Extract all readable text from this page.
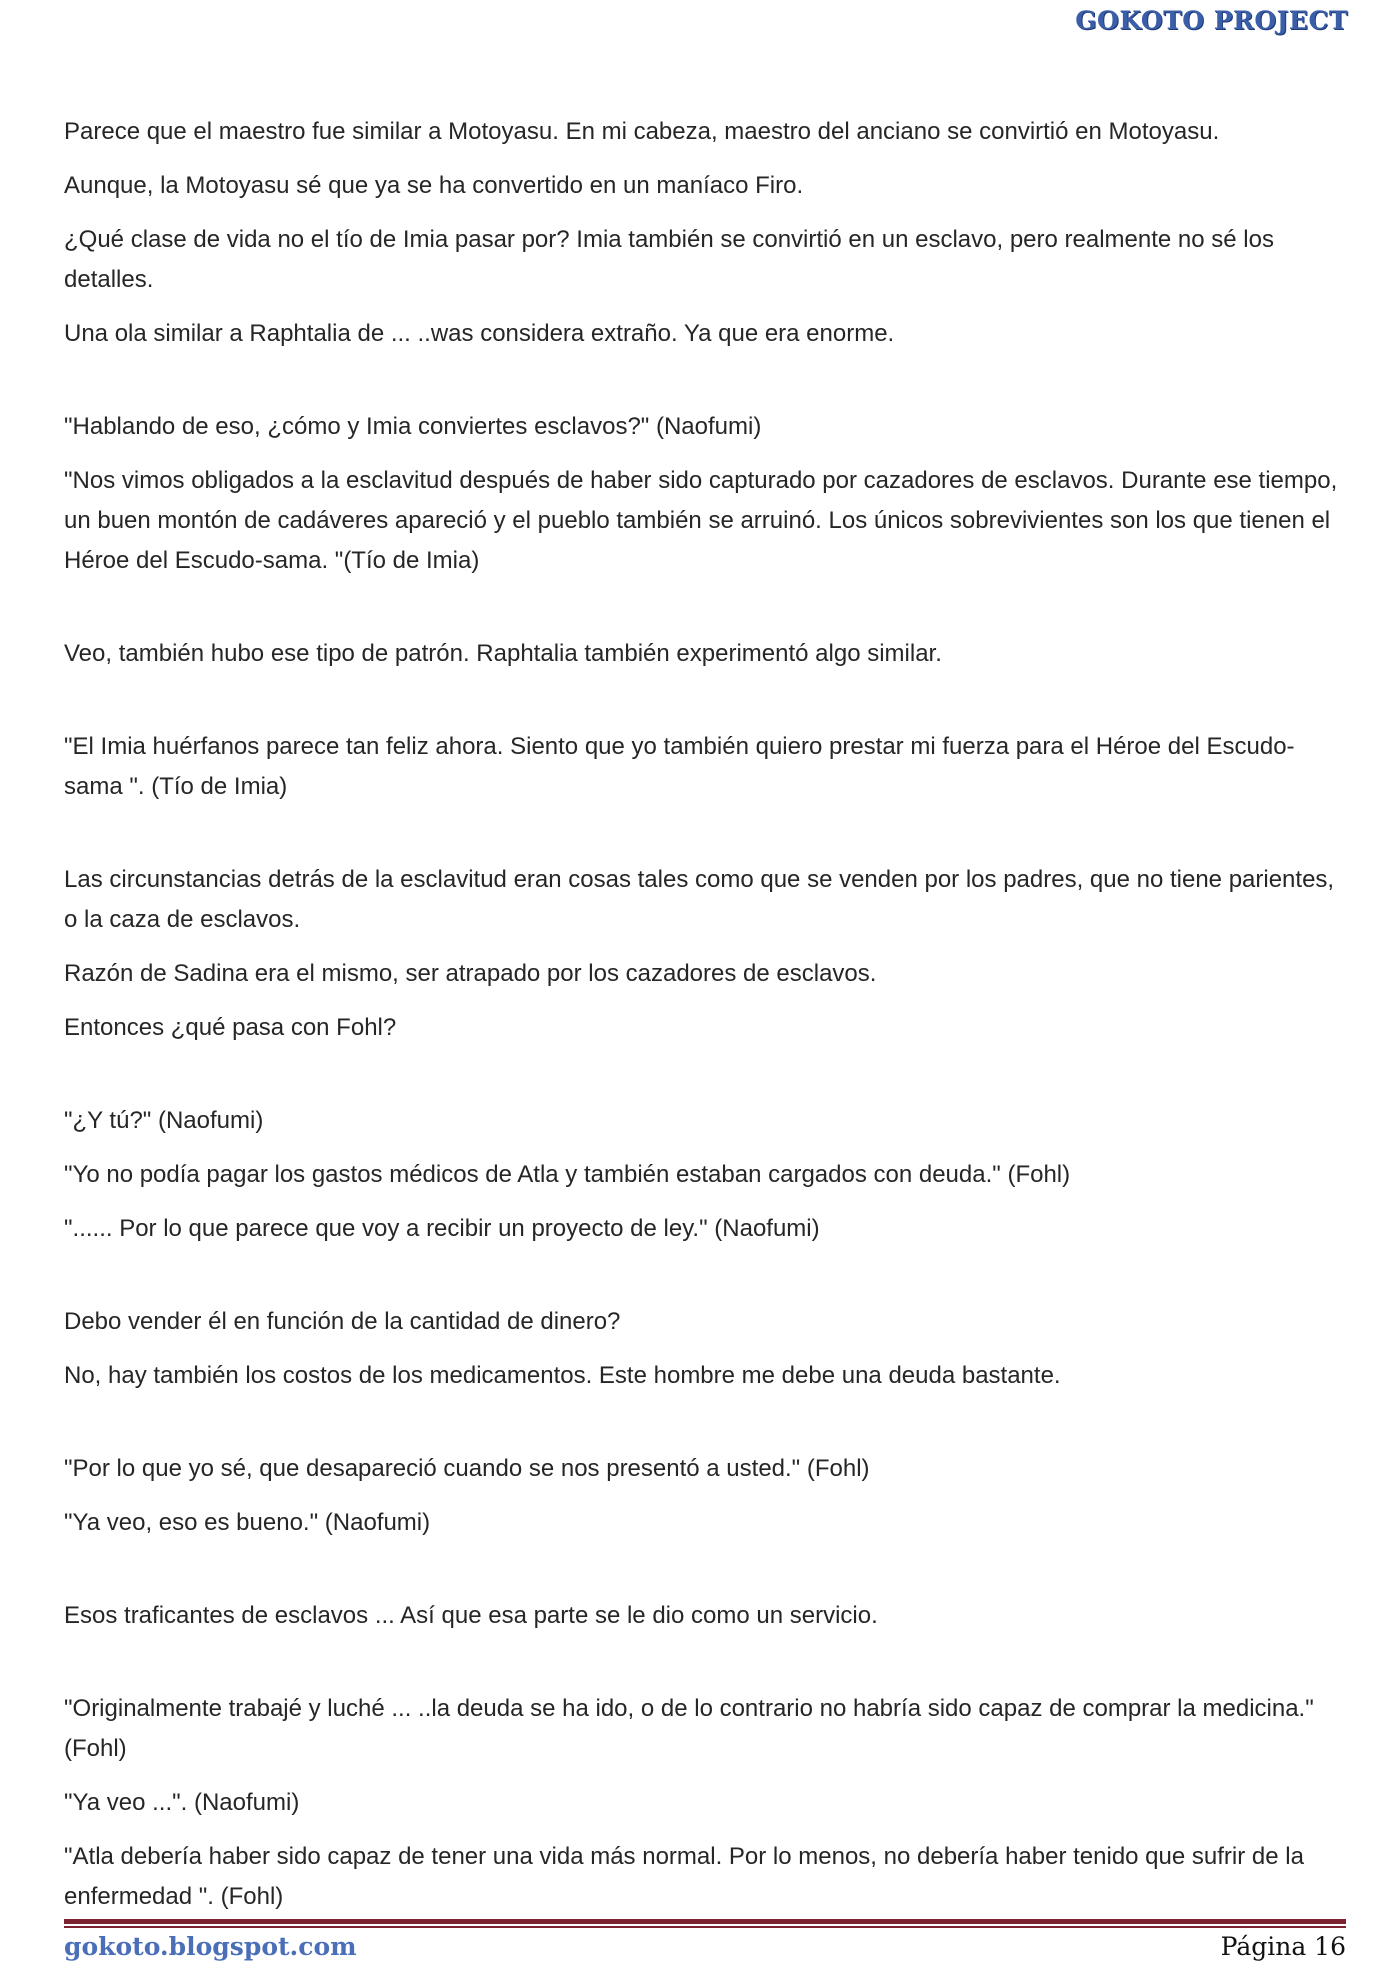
GOKOTO PROJECT

Parece que el maestro fue similar a Motoyasu. En mi cabeza, maestro del anciano se convirtió en Motoyasu.

Aunque, la Motoyasu sé que ya se ha convertido en un maníaco Firo.

¿Qué clase de vida no el tío de Imia pasar por? Imia también se convirtió en un esclavo, pero realmente no sé los detalles.

Una ola similar a Raphtalia de ... ..was considera extraño. Ya que era enorme.

"Hablando de eso, ¿cómo y Imia conviertes esclavos?" (Naofumi)

"Nos vimos obligados a la esclavitud después de haber sido capturado por cazadores de esclavos. Durante ese tiempo, un buen montón de cadáveres apareció y el pueblo también se arruinó. Los únicos sobrevivientes son los que tienen el Héroe del Escudo-sama. "(Tío de Imia)

Veo, también hubo ese tipo de patrón. Raphtalia también experimentó algo similar.

"El Imia huérfanos parece tan feliz ahora. Siento que yo también quiero prestar mi fuerza para el Héroe del Escudo-sama ". (Tío de Imia)

Las circunstancias detrás de la esclavitud eran cosas tales como que se venden por los padres, que no tiene parientes, o la caza de esclavos.

Razón de Sadina era el mismo, ser atrapado por los cazadores de esclavos.

Entonces ¿qué pasa con Fohl?

"¿Y tú?" (Naofumi)

"Yo no podía pagar los gastos médicos de Atla y también estaban cargados con deuda." (Fohl)

"...... Por lo que parece que voy a recibir un proyecto de ley." (Naofumi)

Debo vender él en función de la cantidad de dinero?

No, hay también los costos de los medicamentos. Este hombre me debe una deuda bastante.

"Por lo que yo sé, que desapareció cuando se nos presentó a usted." (Fohl)

"Ya veo, eso es bueno." (Naofumi)

Esos traficantes de esclavos ... Así que esa parte se le dio como un servicio.

"Originalmente trabajé y luché ... ..la deuda se ha ido, o de lo contrario no habría sido capaz de comprar la medicina." (Fohl)

"Ya veo ...". (Naofumi)

"Atla debería haber sido capaz de tener una vida más normal. Por lo menos, no debería haber tenido que sufrir de la enfermedad ". (Fohl)

gokoto.blogspot.com	Página 16
